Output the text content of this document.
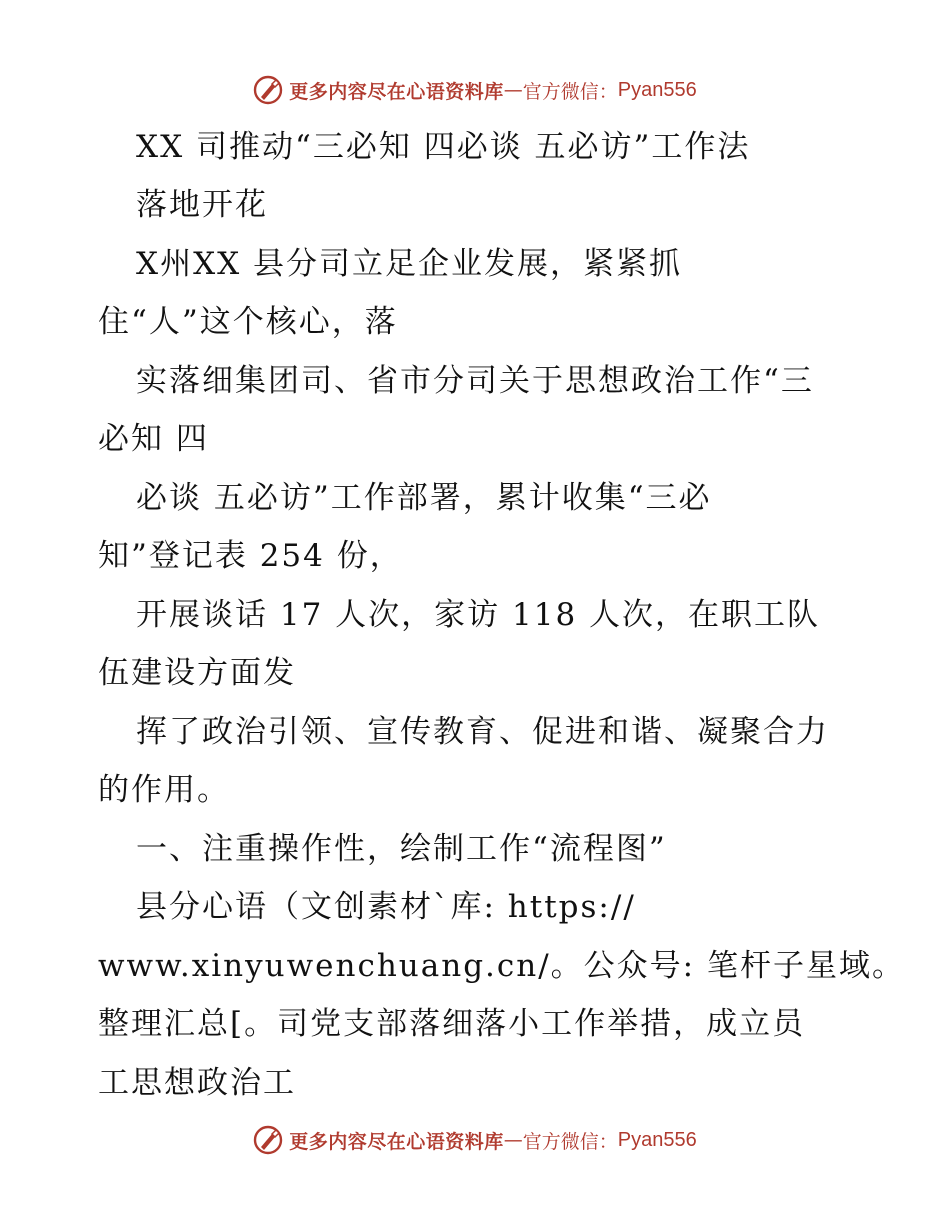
更多内容尽在心语资料库 — 官方微信： Pyan556

XX 司推动“三必知 四必谈 五必访”工作法

落地开花

X州XX 县分司立足企业发展，紧紧抓

住“人”这个核心，落

实落细集团司、省市分司关于思想政治工作“三

必知 四

必谈 五必访”工作部署，累计收集“三必

知”登记表 254 份，

开展谈话 17 人次，家访 118 人次，在职工队

伍建设方面发

挥了政治引领、宣传教育、促进和谐、凝聚合力

的作用。

一、注重操作性，绘制工作“流程图”

县分心语（文创素材`库: https://

www.xinyuwenchuang.cn/。公众号: 笔杆子星域。

整理汇总[。司党支部落细落小工作举措，成立员

工思想政治工

更多内容尽在心语资料库 — 官方微信： Pyan556
